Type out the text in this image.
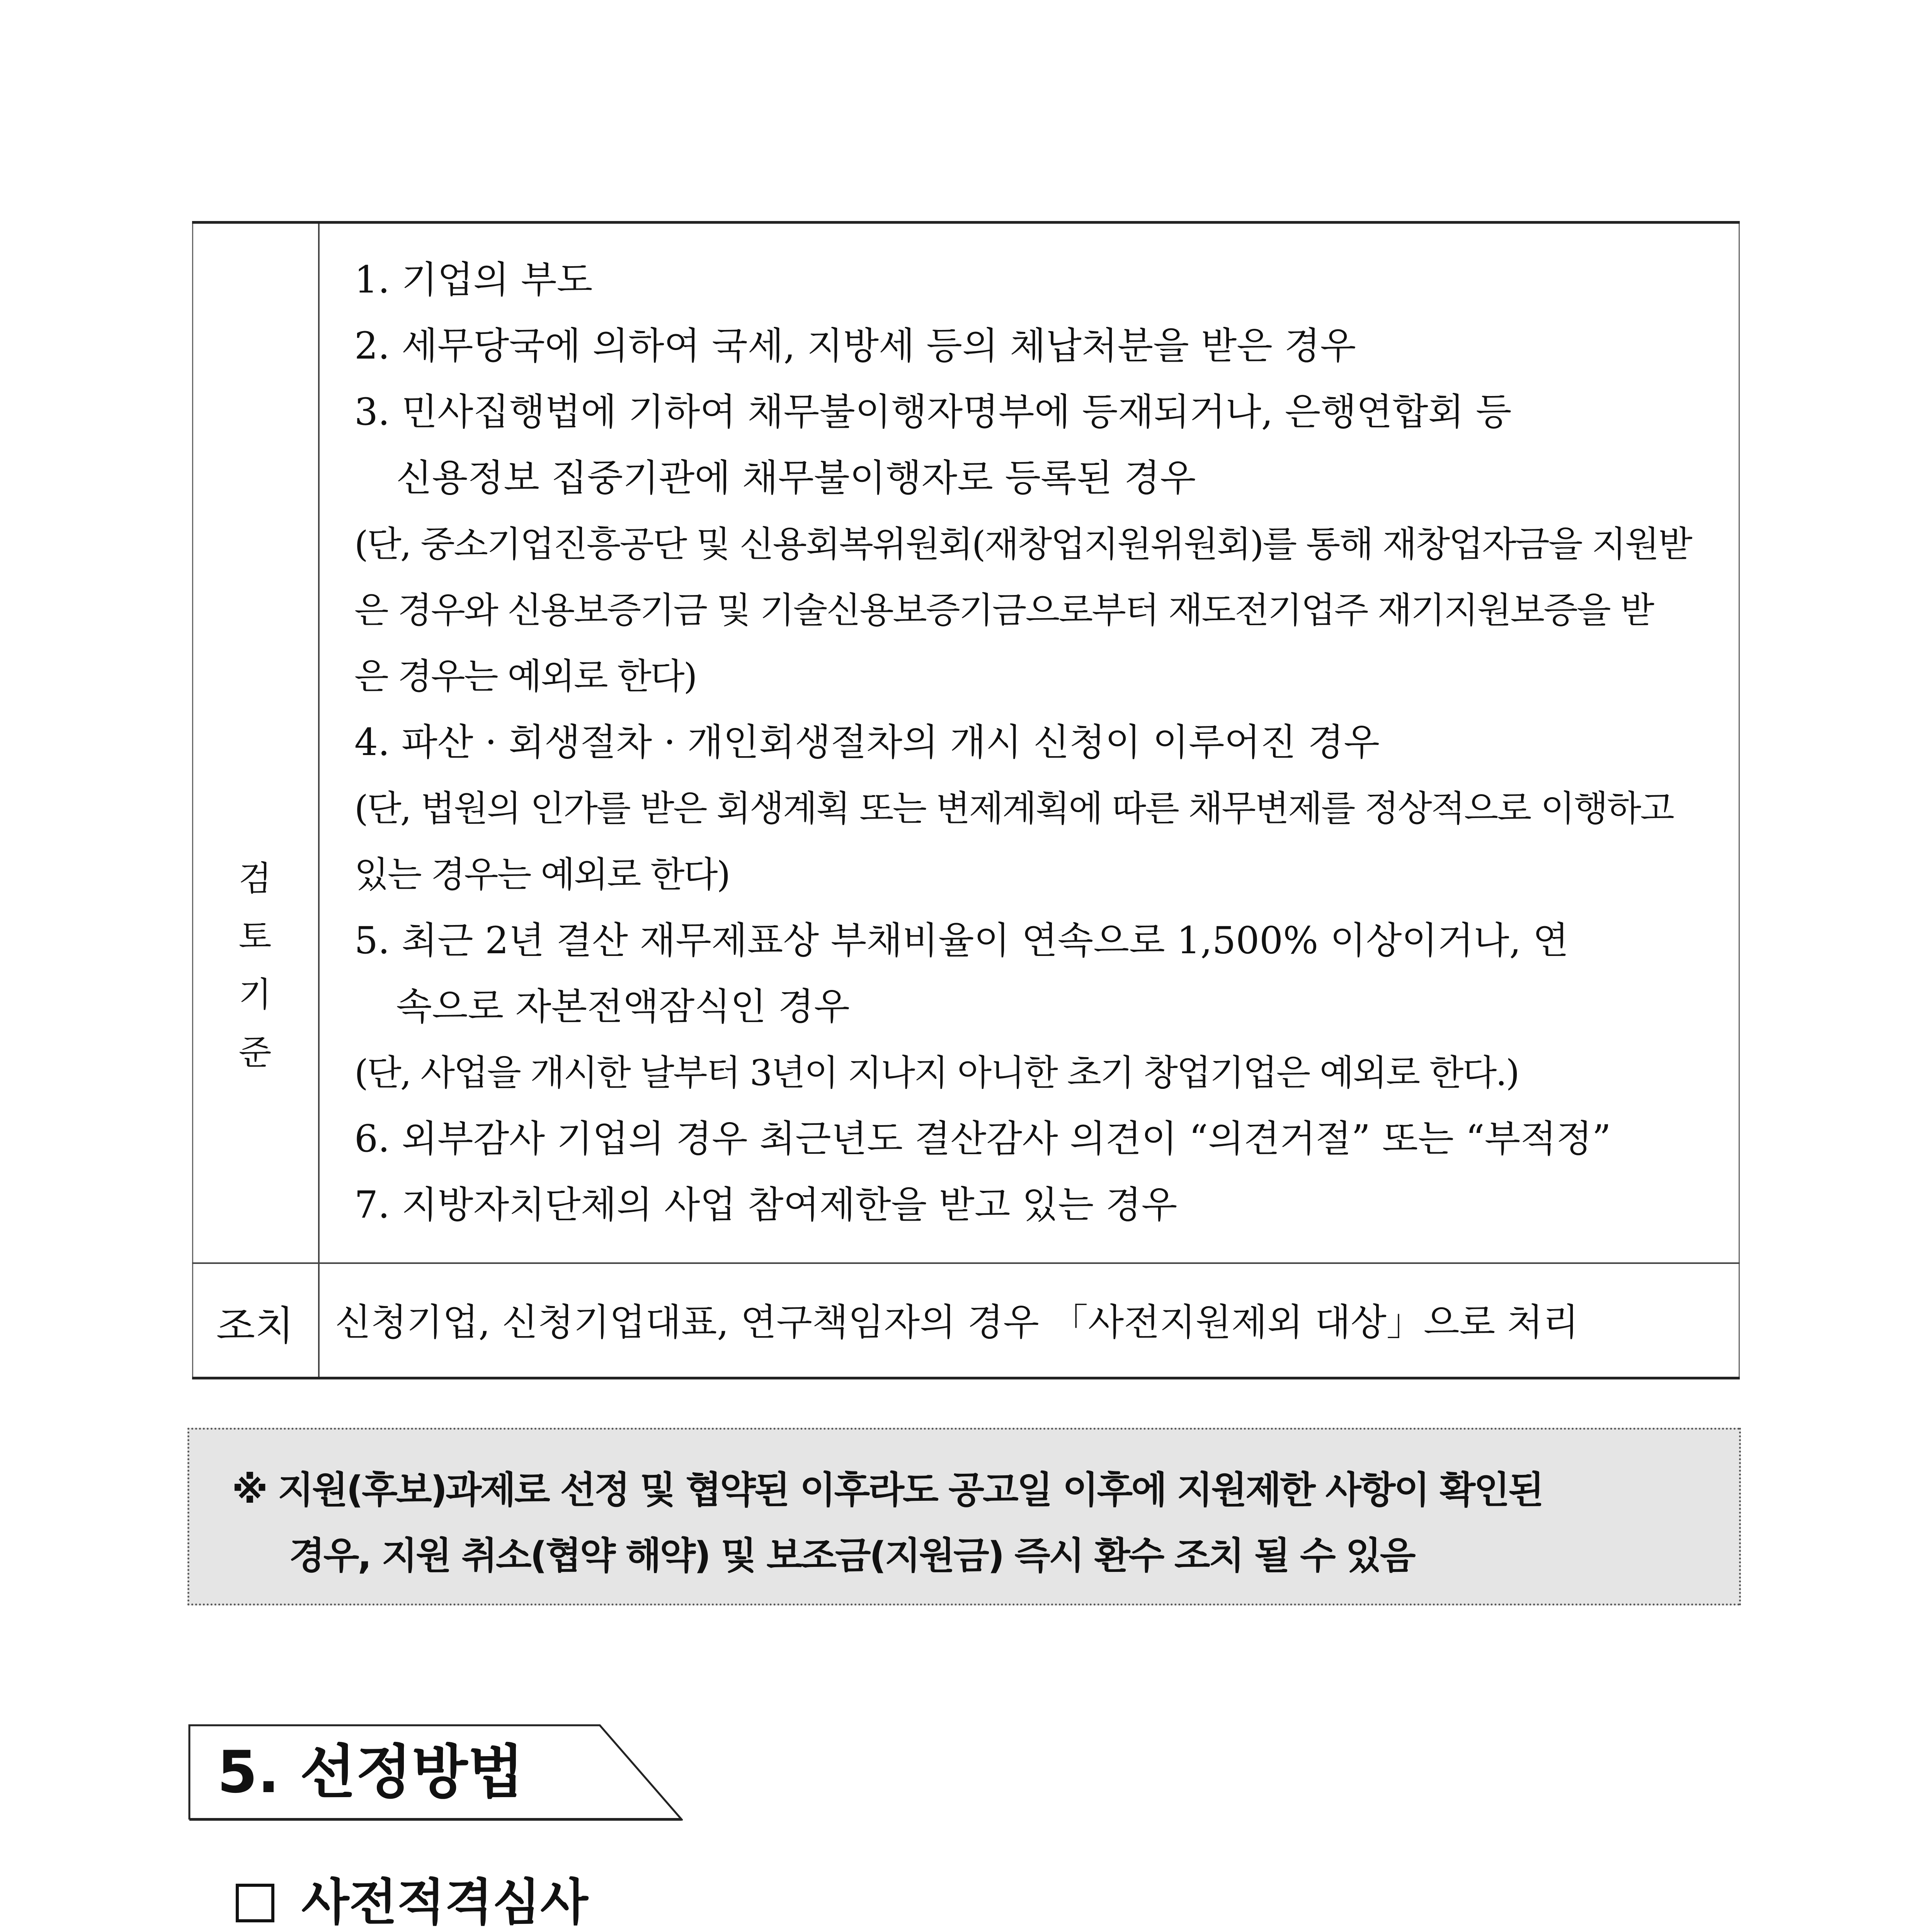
검
토
기
준
1. 기업의 부도
2. 세무당국에 의하여 국세, 지방세 등의 체납처분을 받은 경우
3. 민사집행법에 기하여 채무불이행자명부에 등재되거나, 은행연합회 등
신용정보 집중기관에 채무불이행자로 등록된 경우
(단, 중소기업진흥공단 및 신용회복위원회(재창업지원위원회)를 통해 재창업자금을 지원받
은 경우와 신용보증기금 및 기술신용보증기금으로부터 재도전기업주 재기지원보증을 받
은 경우는 예외로 한다)
4. 파산 · 회생절차 · 개인회생절차의 개시 신청이 이루어진 경우
(단, 법원의 인가를 받은 회생계획 또는 변제계획에 따른 채무변제를 정상적으로 이행하고
있는 경우는 예외로 한다)
5. 최근 2년 결산 재무제표상 부채비율이 연속으로 1,500% 이상이거나, 연
속으로 자본전액잠식인 경우
(단, 사업을 개시한 날부터 3년이 지나지 아니한 초기 창업기업은 예외로 한다.)
6. 외부감사 기업의 경우 최근년도 결산감사 의견이 “의견거절” 또는 “부적정”
7. 지방자치단체의 사업 참여제한을 받고 있는 경우
조치	신청기업, 신청기업대표, 연구책임자의 경우 「사전지원제외 대상」으로 처리
※ 지원(후보)과제로 선정 및 협약된 이후라도 공고일 이후에 지원제한 사항이 확인된
경우, 지원 취소(협약 해약) 및 보조금(지원금) 즉시 환수 조치 될 수 있음
5. 선정방법
사전적격심사
